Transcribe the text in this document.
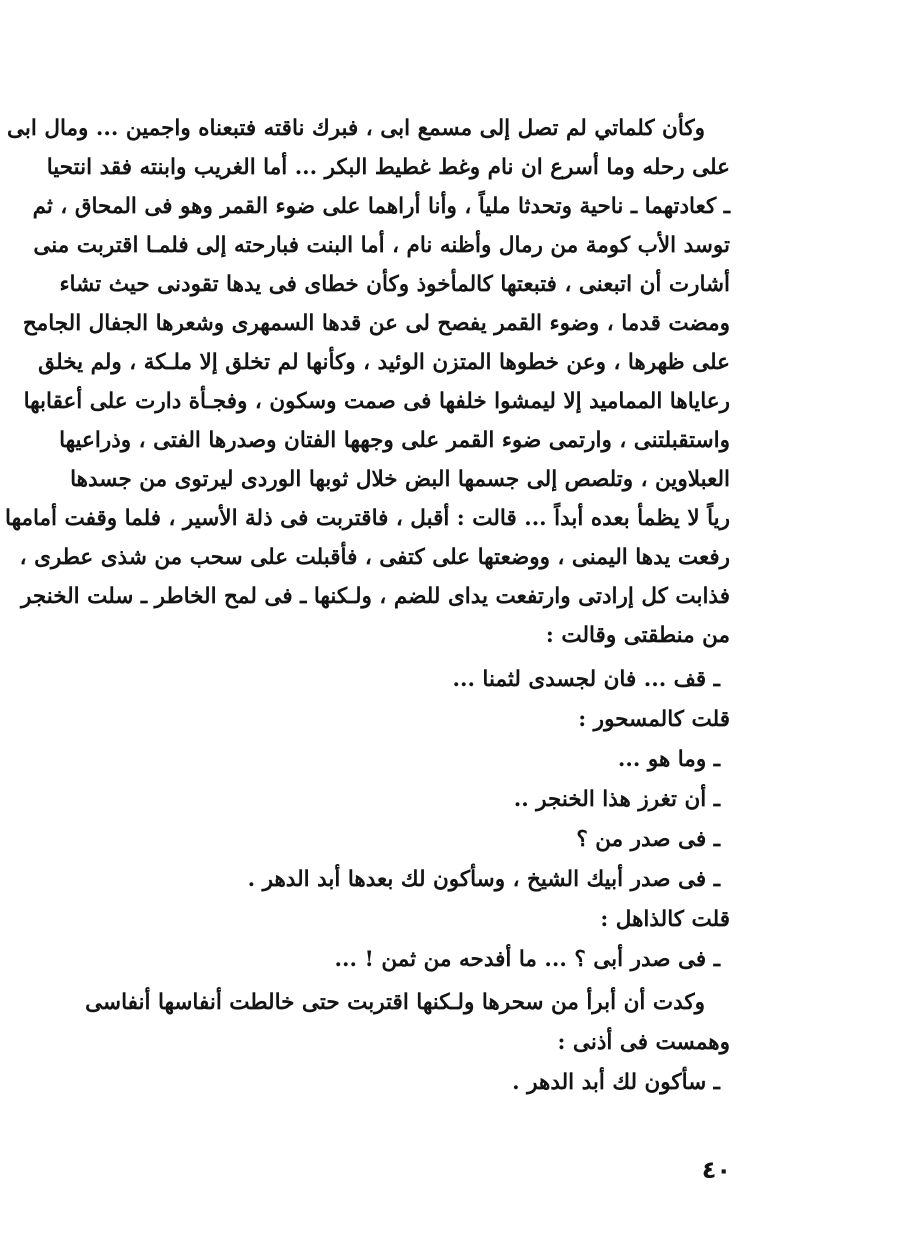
وكأن كلماتي لم تصل إلى مسمع ابى ، فبرك ناقته فتبعناه واجمين ... ومال ابى
على رحله وما أسرع ان نام وغط غطيط البكر ... أما الغريب وابنته فقد انتحيا
ـ كعادتهما ـ ناحية وتحدثا ملياً ، وأنا أراهما على ضوء القمر وهو فى المحاق ، ثم
توسد الأب كومة من رمال وأظنه نام ، أما البنت فبارحته إلى فلمـا اقتربت منى
أشارت أن اتبعنى ، فتبعتها كالمأخوذ وكأن خطاى فى يدها تقودنى حيث تشاء
ومضت قدما ، وضوء القمر يفصح لى عن قدها السمهرى وشعرها الجفال الجامح
على ظهرها ، وعن خطوها المتزن الوئيد ، وكأنها لم تخلق إلا ملـكة ، ولم يخلق
رعاياها المماميد إلا ليمشوا خلفها فى صمت وسكون ، وفجـأة دارت على أعقابها
واستقبلتنى ، وارتمى ضوء القمر على وجهها الفتان وصدرها الفتى ، وذراعيها
العبلاوين ، وتلصص إلى جسمها البض خلال ثوبها الوردى ليرتوى من جسدها
رياً لا يظمأ بعده أبداً ... قالت : أقبل ، فاقتربت فى ذلة الأسير ، فلما وقفت أمامها
رفعت يدها اليمنى ، ووضعتها على كتفى ، فأقبلت على سحب من شذى عطرى ،
فذابت كل إرادتى وارتفعت يداى للضم ، ولـكنها ـ فى لمح الخاطر ـ سلت الخنجر
من منطقتى وقالت :
ـ قف ... فان لجسدى لثمنا ...
قلت كالمسحور :
ـ وما هو ...
ـ أن تغرز هذا الخنجر ..
ـ فى صدر من ؟
ـ فى صدر أبيك الشيخ ، وسأكون لك بعدها أبد الدهر .
قلت كالذاهل :
ـ فى صدر أبى ؟ ... ما أفدحه من ثمن ! ...
وكدت أن أبرأ من سحرها ولـكنها اقتربت حتى خالطت أنفاسها أنفاسى
وهمست فى أذنى :
ـ سأكون لك أبد الدهر .
٤٠
